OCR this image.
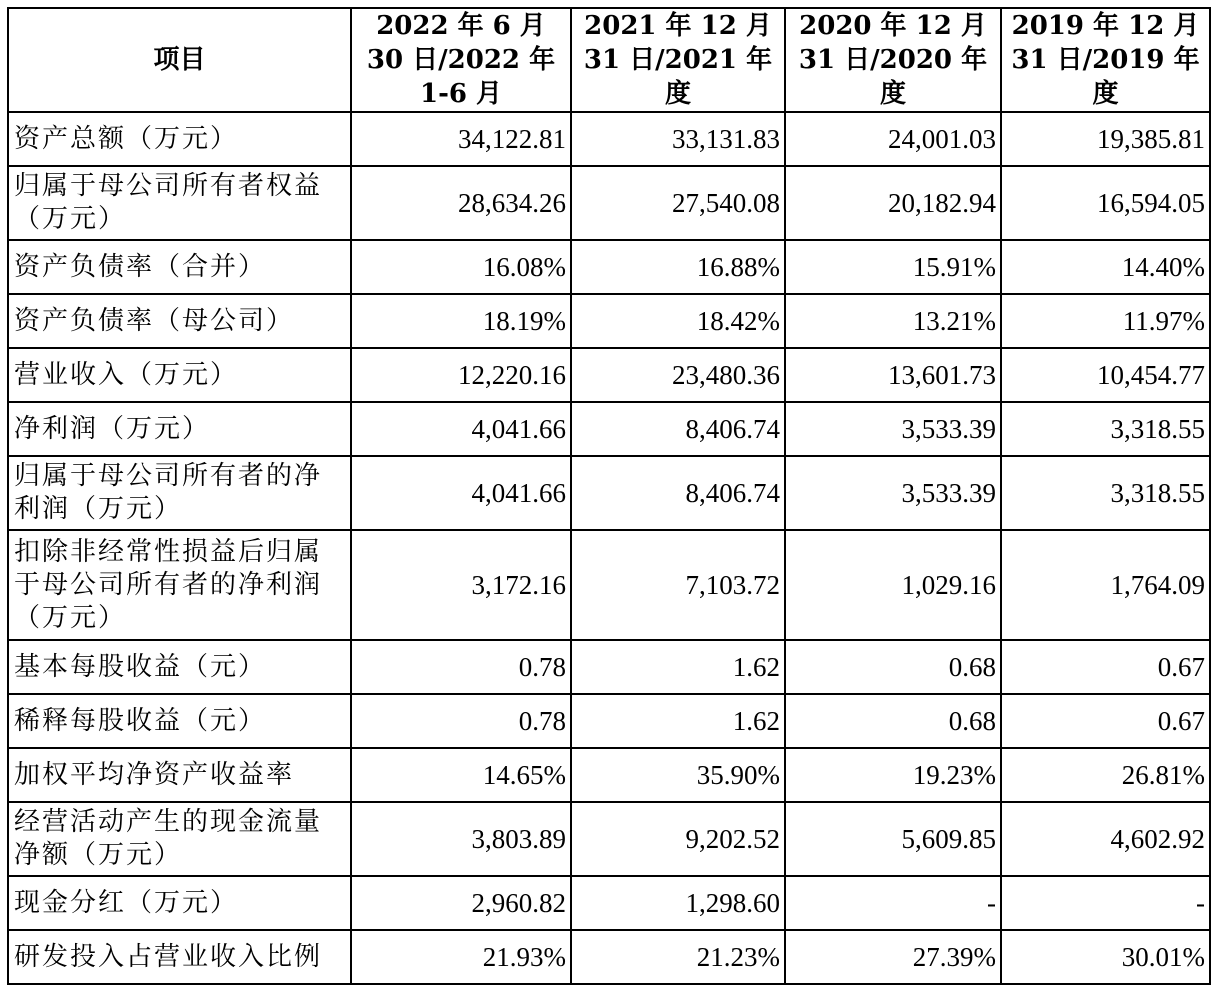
项目	2022 年 6 月 30 日/2022 年 1-6 月	2021 年 12 月 31 日/2021 年度	2020 年 12 月 31 日/2020 年度	2019 年 12 月 31 日/2019 年度
资产总额（万元）	34,122.81	33,131.83	24,001.03	19,385.81
归属于母公司所有者权益（万元）	28,634.26	27,540.08	20,182.94	16,594.05
资产负债率（合并）	16.08%	16.88%	15.91%	14.40%
资产负债率（母公司）	18.19%	18.42%	13.21%	11.97%
营业收入（万元）	12,220.16	23,480.36	13,601.73	10,454.77
净利润（万元）	4,041.66	8,406.74	3,533.39	3,318.55
归属于母公司所有者的净利润（万元）	4,041.66	8,406.74	3,533.39	3,318.55
扣除非经常性损益后归属于母公司所有者的净利润（万元）	3,172.16	7,103.72	1,029.16	1,764.09
基本每股收益（元）	0.78	1.62	0.68	0.67
稀释每股收益（元）	0.78	1.62	0.68	0.67
加权平均净资产收益率	14.65%	35.90%	19.23%	26.81%
经营活动产生的现金流量净额（万元）	3,803.89	9,202.52	5,609.85	4,602.92
现金分红（万元）	2,960.82	1,298.60	-	-
研发投入占营业收入比例	21.93%	21.23%	27.39%	30.01%
